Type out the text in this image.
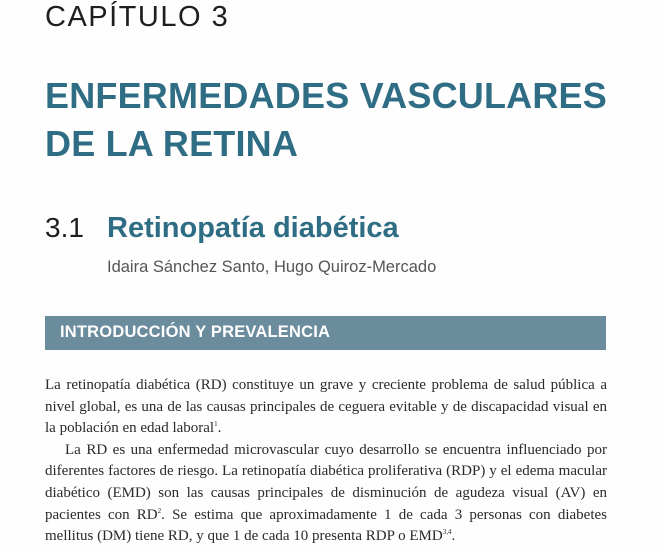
CAPÍTULO 3
ENFERMEDADES VASCULARES
DE LA RETINA
3.1 Retinopatía diabética
Idaira Sánchez Santo, Hugo Quiroz-Mercado
INTRODUCCIÓN Y PREVALENCIA

La retinopatía diabética (RD) constituye un grave y creciente problema de salud pública a nivel global, es una de las causas principales de ceguera evitable y de discapacidad visual en la población en edad laboral$^1$.

La RD es una enfermedad microvascular cuyo desarrollo se encuentra influenciado por diferentes factores de riesgo. La retinopatía diabética proliferativa (RDP) y el edema macular diabético (EMD) son las causas principales de disminución de agudeza visual (AV) en pacientes con $RD^2$. Se estima que aproximadamente 1 de cada 3 personas con diabetes mellitus (DM) tiene RD, y que 1 de cada 10 presenta RDP o EMD$^{3,4}$.
